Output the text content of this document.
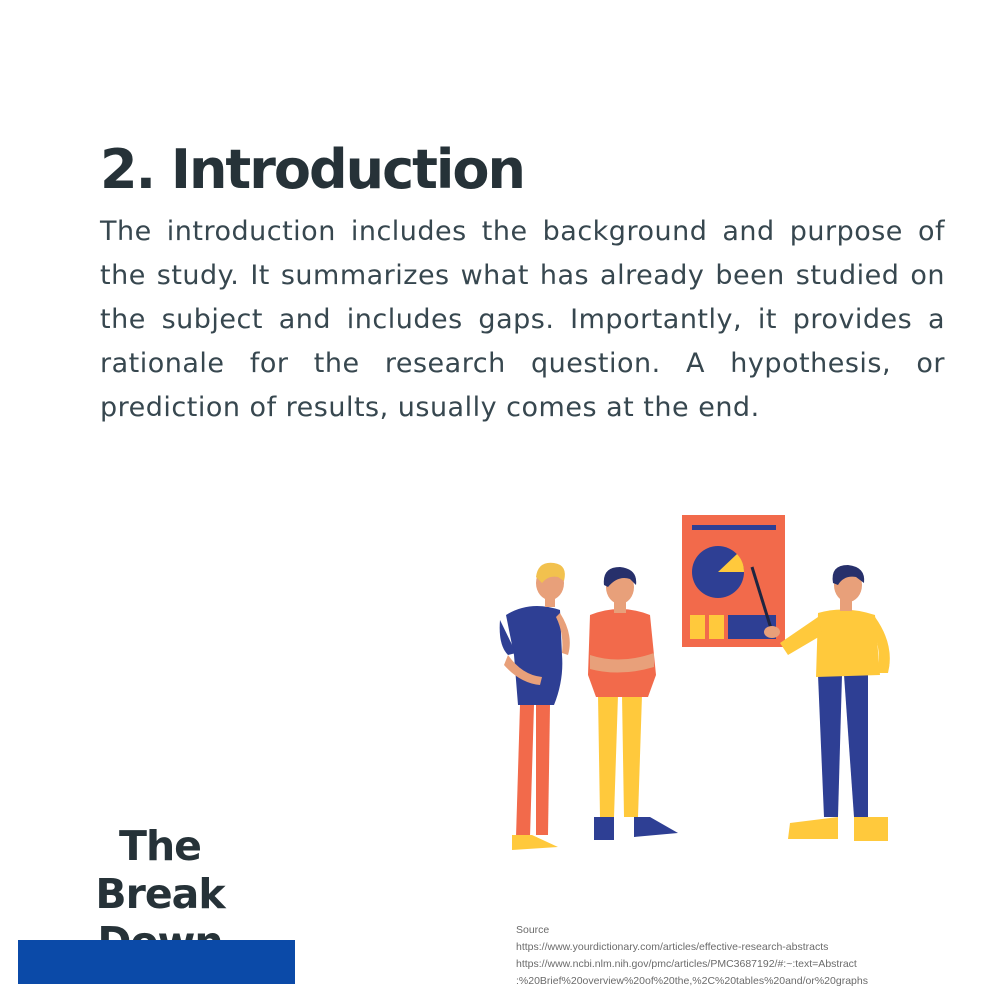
2. Introduction

The introduction includes the background and purpose of the study. It summarizes what has already been studied on the subject and includes gaps. Importantly, it provides a rationale for the research question. A hypothesis, or prediction of results, usually comes at the end.

The Break
Source
https://www.yourdictionary.com/articles/effective-research-abstracts
https://www.ncbi.nlm.nih.gov/pmc/articles/PMC3687192/#:~:text=Abstract
:%20Brief%20overview%20of%20the,%2C%20tables%20and/or%20graphs
